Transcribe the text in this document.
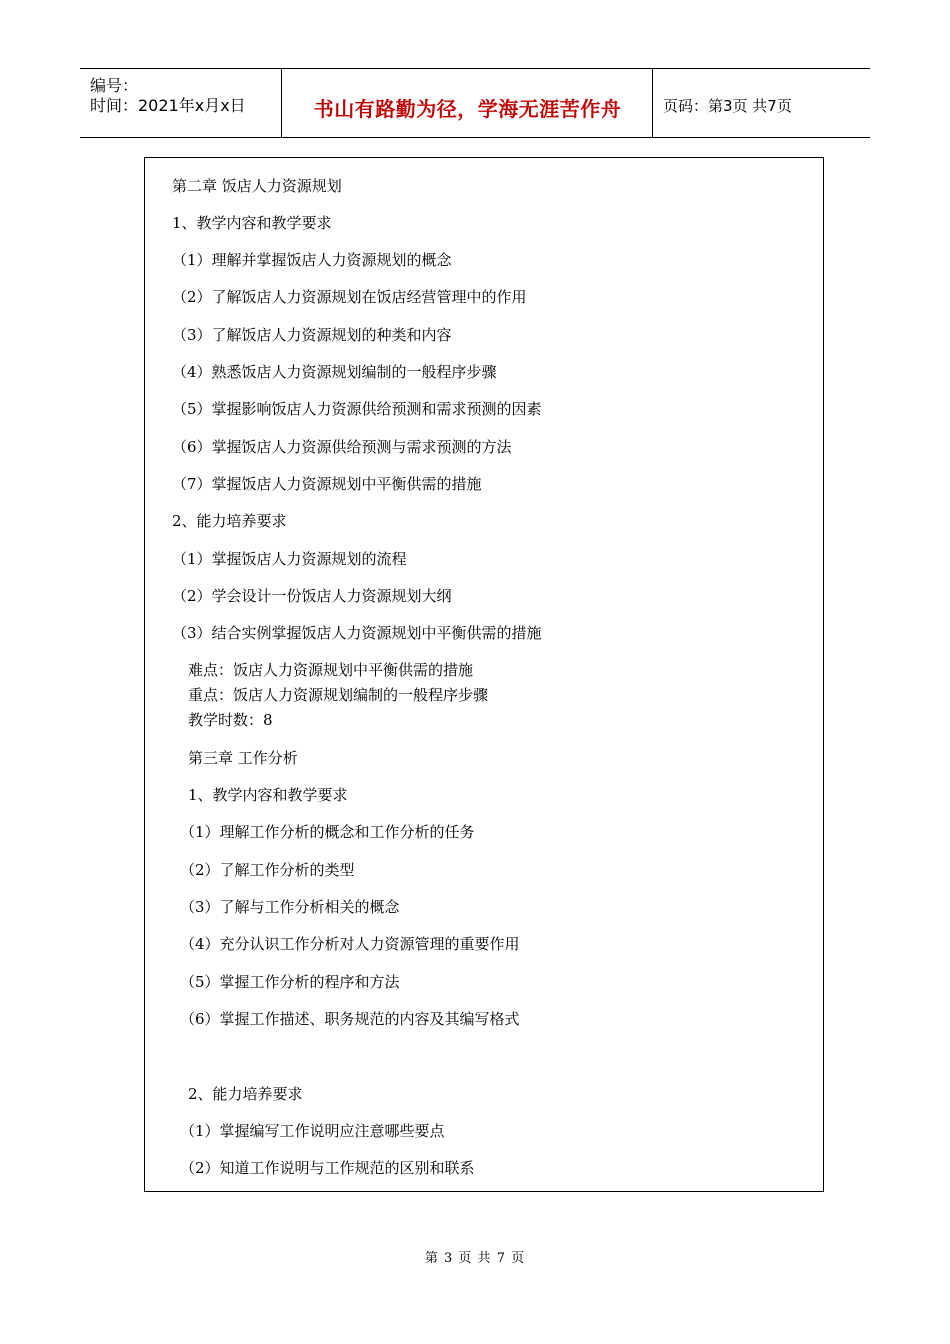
编号：
时间：2021年x月x日	书山有路勤为径，学海无涯苦作舟	页码：第3页 共7页
第二章 饭店人力资源规划
1、教学内容和教学要求
（1）理解并掌握饭店人力资源规划的概念
（2）了解饭店人力资源规划在饭店经营管理中的作用
（3）了解饭店人力资源规划的种类和内容
（4）熟悉饭店人力资源规划编制的一般程序步骤
（5）掌握影响饭店人力资源供给预测和需求预测的因素
（6）掌握饭店人力资源供给预测与需求预测的方法
（7）掌握饭店人力资源规划中平衡供需的措施
2、能力培养要求
（1）掌握饭店人力资源规划的流程
（2）学会设计一份饭店人力资源规划大纲
（3）结合实例掌握饭店人力资源规划中平衡供需的措施
难点：饭店人力资源规划中平衡供需的措施
重点：饭店人力资源规划编制的一般程序步骤
教学时数：8
第三章 工作分析
1、教学内容和教学要求
（1）理解工作分析的概念和工作分析的任务
（2）了解工作分析的类型
（3）了解与工作分析相关的概念
（4）充分认识工作分析对人力资源管理的重要作用
（5）掌握工作分析的程序和方法
（6）掌握工作描述、职务规范的内容及其编写格式
2、能力培养要求
（1）掌握编写工作说明应注意哪些要点
（2）知道工作说明与工作规范的区别和联系
第 3 页 共 7 页
